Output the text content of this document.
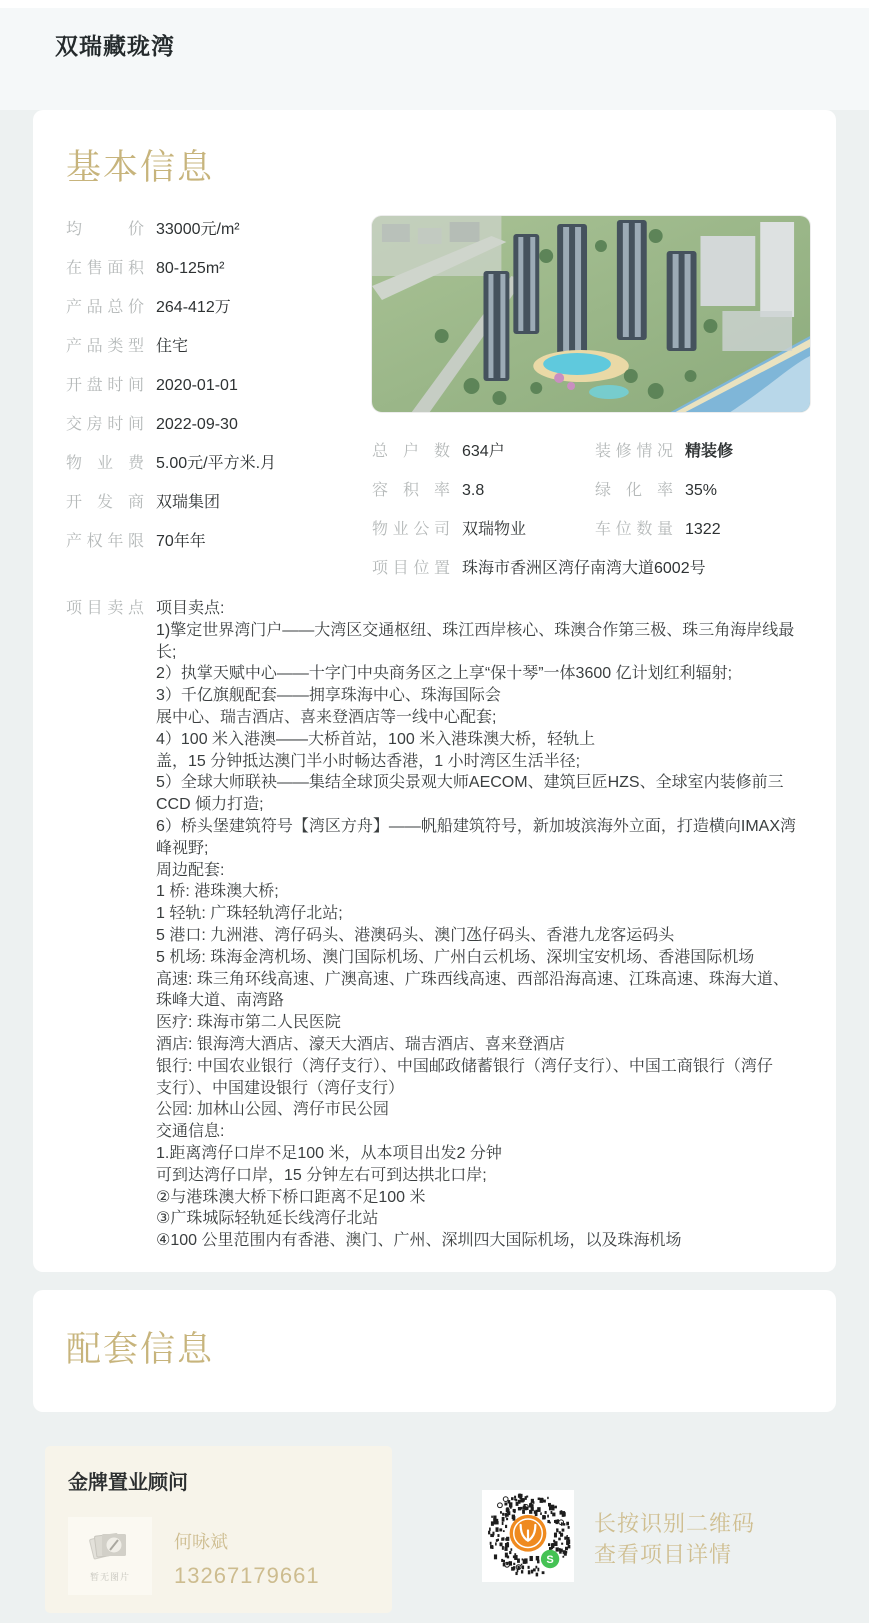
双瑞藏珑湾
基本信息
均价 33000元/m²
在售面积 80-125m²
产品总价 264-412万
产品类型 住宅
开盘时间 2020-01-01
交房时间 2022-09-30
物业费 5.00元/平方米.月
开发商 双瑞集团
产权年限 70年年
总户数 634户	装修情况 精装修
容积率 3.8	绿化率 35%
物业公司 双瑞物业	车位数量 1322
项目位置 珠海市香洲区湾仔南湾大道6002号
项目卖点 项目卖点:
1)擎定世界湾门户——大湾区交通枢纽、珠江西岸核心、珠澳合作第三极、珠三角海岸线最
长;
2）执掌天赋中心——十字门中央商务区之上享“保十琴”一体3600 亿计划红利辐射;
3）千亿旗舰配套——拥享珠海中心、珠海国际会
展中心、瑞吉酒店、喜来登酒店等一线中心配套;
4）100 米入港澳——大桥首站，100 米入港珠澳大桥，轻轨上
盖，15 分钟抵达澳门半小时畅达香港，1 小时湾区生活半径;
5）全球大师联袂——集结全球顶尖景观大师AECOM、建筑巨匠HZS、全球室内装修前三
CCD 倾力打造;
6）桥头堡建筑符号【湾区方舟】——帆船建筑符号，新加坡滨海外立面，打造横向IMAX湾
峰视野;
周边配套:
1 桥: 港珠澳大桥;
1 轻轨: 广珠轻轨湾仔北站;
5 港口: 九洲港、湾仔码头、港澳码头、澳门氹仔码头、香港九龙客运码头
5 机场: 珠海金湾机场、澳门国际机场、广州白云机场、深圳宝安机场、香港国际机场
高速: 珠三角环线高速、广澳高速、广珠西线高速、西部沿海高速、江珠高速、珠海大道、
珠峰大道、南湾路
医疗: 珠海市第二人民医院
酒店: 银海湾大酒店、濠天大酒店、瑞吉酒店、喜来登酒店
银行: 中国农业银行（湾仔支行）、中国邮政储蓄银行（湾仔支行）、中国工商银行（湾仔
支行）、中国建设银行（湾仔支行）
公园: 加林山公园、湾仔市民公园
交通信息:
1.距离湾仔口岸不足100 米，从本项目出发2 分钟
可到达湾仔口岸，15 分钟左右可到达拱北口岸;
②与港珠澳大桥下桥口距离不足100 米
③广珠城际轻轨延长线湾仔北站
④100 公里范围内有香港、澳门、广州、深圳四大国际机场，以及珠海机场
配套信息
金牌置业顾问
暂无图片
何咏斌
13267179661
S
长按识别二维码
查看项目详情
